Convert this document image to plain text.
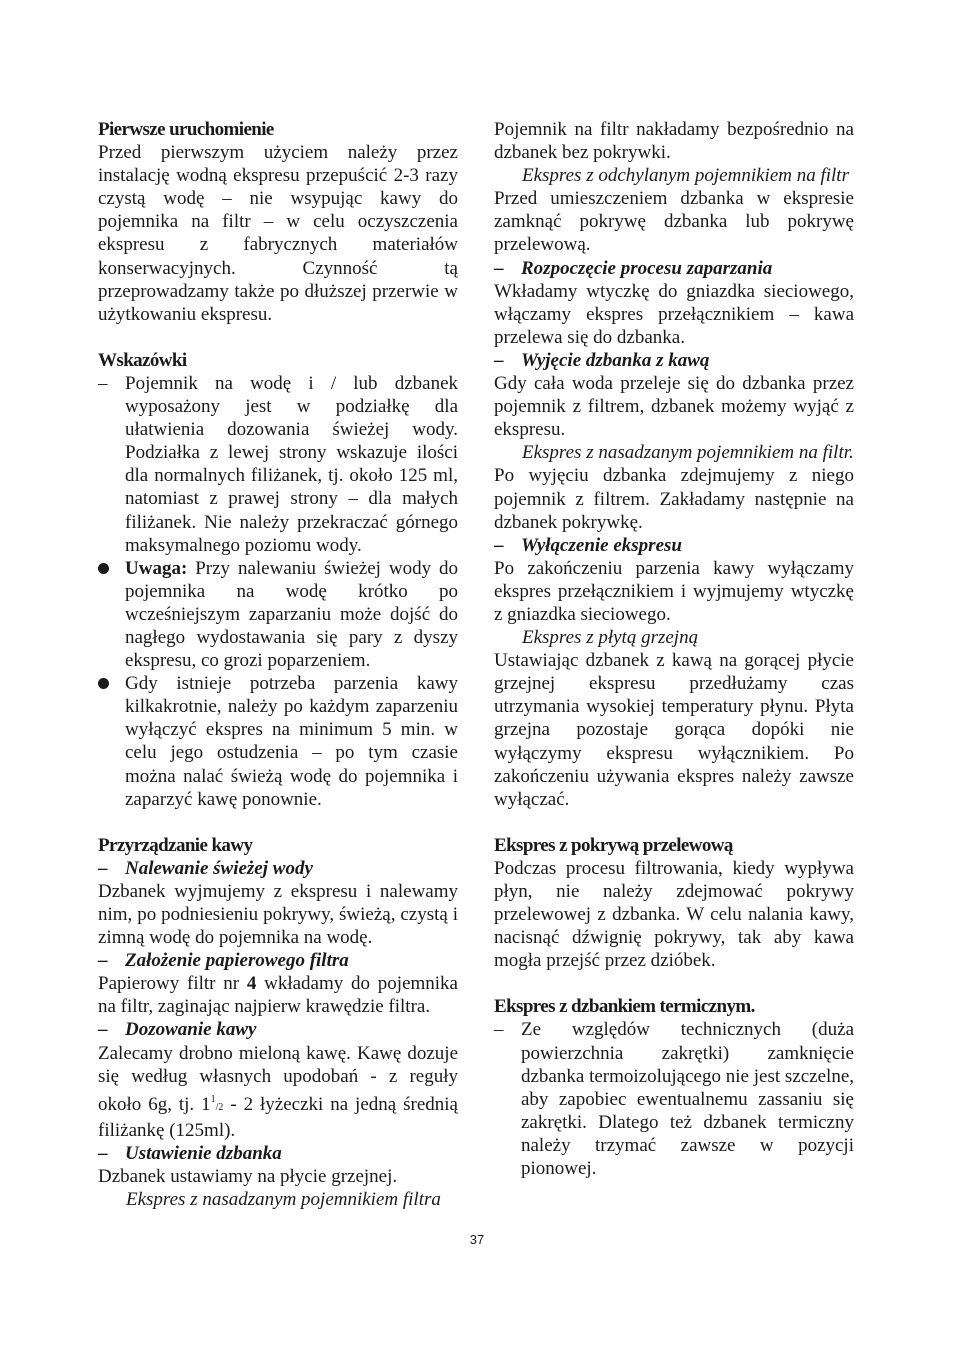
Pierwsze uruchomienie

Przed pierwszym użyciem należy przez instalację wodną ekspresu przepuścić 2-3 razy czystą wodę – nie wsypując kawy do pojemnika na filtr – w celu oczyszczenia ekspresu z fabrycznych materiałów konserwacyjnych. Czynność tą przeprowadzamy także po dłuższej przerwie w użytkowaniu ekspresu.

Wskazówki
– Pojemnik na wodę i / lub dzbanek wyposażony jest w podziałkę dla ułatwienia dozowania świeżej wody. Podziałka z lewej strony wskazuje ilości dla normalnych filiżanek, tj. około 125 ml, natomiast z prawej strony – dla małych filiżanek. Nie należy przekraczać górnego maksymalnego poziomu wody.
Uwaga: Przy nalewaniu świeżej wody do pojemnika na wodę krótko po wcześniejszym zaparzaniu może dojść do nagłego wydostawania się pary z dyszy ekspresu, co grozi poparzeniem.
Gdy istnieje potrzeba parzenia kawy kilkakrotnie, należy po każdym zaparzeniu wyłączyć ekspres na minimum 5 min. w celu jego ostudzenia – po tym czasie można nalać świeżą wodę do pojemnika i zaparzyć kawę ponownie.
Przyrządzanie kawy
– Nalewanie świeżej wody

Dzbanek wyjmujemy z ekspresu i nalewamy nim, po podniesieniu pokrywy, świeżą, czystą i zimną wodę do pojemnika na wodę.

– Założenie papierowego filtra

Papierowy filtr nr 4 wkładamy do pojemnika na filtr, zaginając najpierw krawędzie filtra.

– Dozowanie kawy

Zalecamy drobno mieloną kawę. Kawę dozuje się według własnych upodobań - z reguły około 6g, tj. $1^1/2 - 2$ łyżeczki na jedną średnią filiżankę (125ml).

– Ustawienie dzbanka

Dzbanek ustawiamy na płycie grzejnej.

Ekspres z nasadzanym pojemnikiem filtra

Pojemnik na filtr nakładamy bezpośrednio na dzbanek bez pokrywki.

Ekspres z odchylanym pojemnikiem na filtr

Przed umieszczeniem dzbanka w ekspresie zamknąć pokrywę dzbanka lub pokrywę przelewową.

– Rozpoczęcie procesu zaparzania

Wkładamy wtyczkę do gniazdka sieciowego, włączamy ekspres przełącznikiem – kawa przelewa się do dzbanka.

– Wyjęcie dzbanka z kawą

Gdy cała woda przeleje się do dzbanka przez pojemnik z filtrem, dzbanek możemy wyjąć z ekspresu.

Ekspres z nasadzanym pojemnikiem na filtr.

Po wyjęciu dzbanka zdejmujemy z niego pojemnik z filtrem. Zakładamy następnie na dzbanek pokrywkę.

– Wyłączenie ekspresu

Po zakończeniu parzenia kawy wyłączamy ekspres przełącznikiem i wyjmujemy wtyczkę z gniazdka sieciowego.

Ekspres z płytą grzejną

Ustawiając dzbanek z kawą na gorącej płycie grzejnej ekspresu przedłużamy czas utrzymania wysokiej temperatury płynu. Płyta grzejna pozostaje gorąca dopóki nie wyłączymy ekspresu wyłącznikiem. Po zakończeniu używania ekspres należy zawsze wyłączać.

Ekspres z pokrywą przelewową

Podczas procesu filtrowania, kiedy wypływa płyn, nie należy zdejmować pokrywy przelewowej z dzbanka. W celu nalania kawy, nacisnąć dźwignię pokrywy, tak aby kawa mogła przejść przez dzióbek.

Ekspres z dzbankiem termicznym.
– Ze względów technicznych (duża powierzchnia zakrętki) zamknięcie dzbanka termoizolującego nie jest szczelne, aby zapobiec ewentualnemu zassaniu się zakrętki. Dlatego też dzbanek termiczny należy trzymać zawsze w pozycji pionowej.
37
